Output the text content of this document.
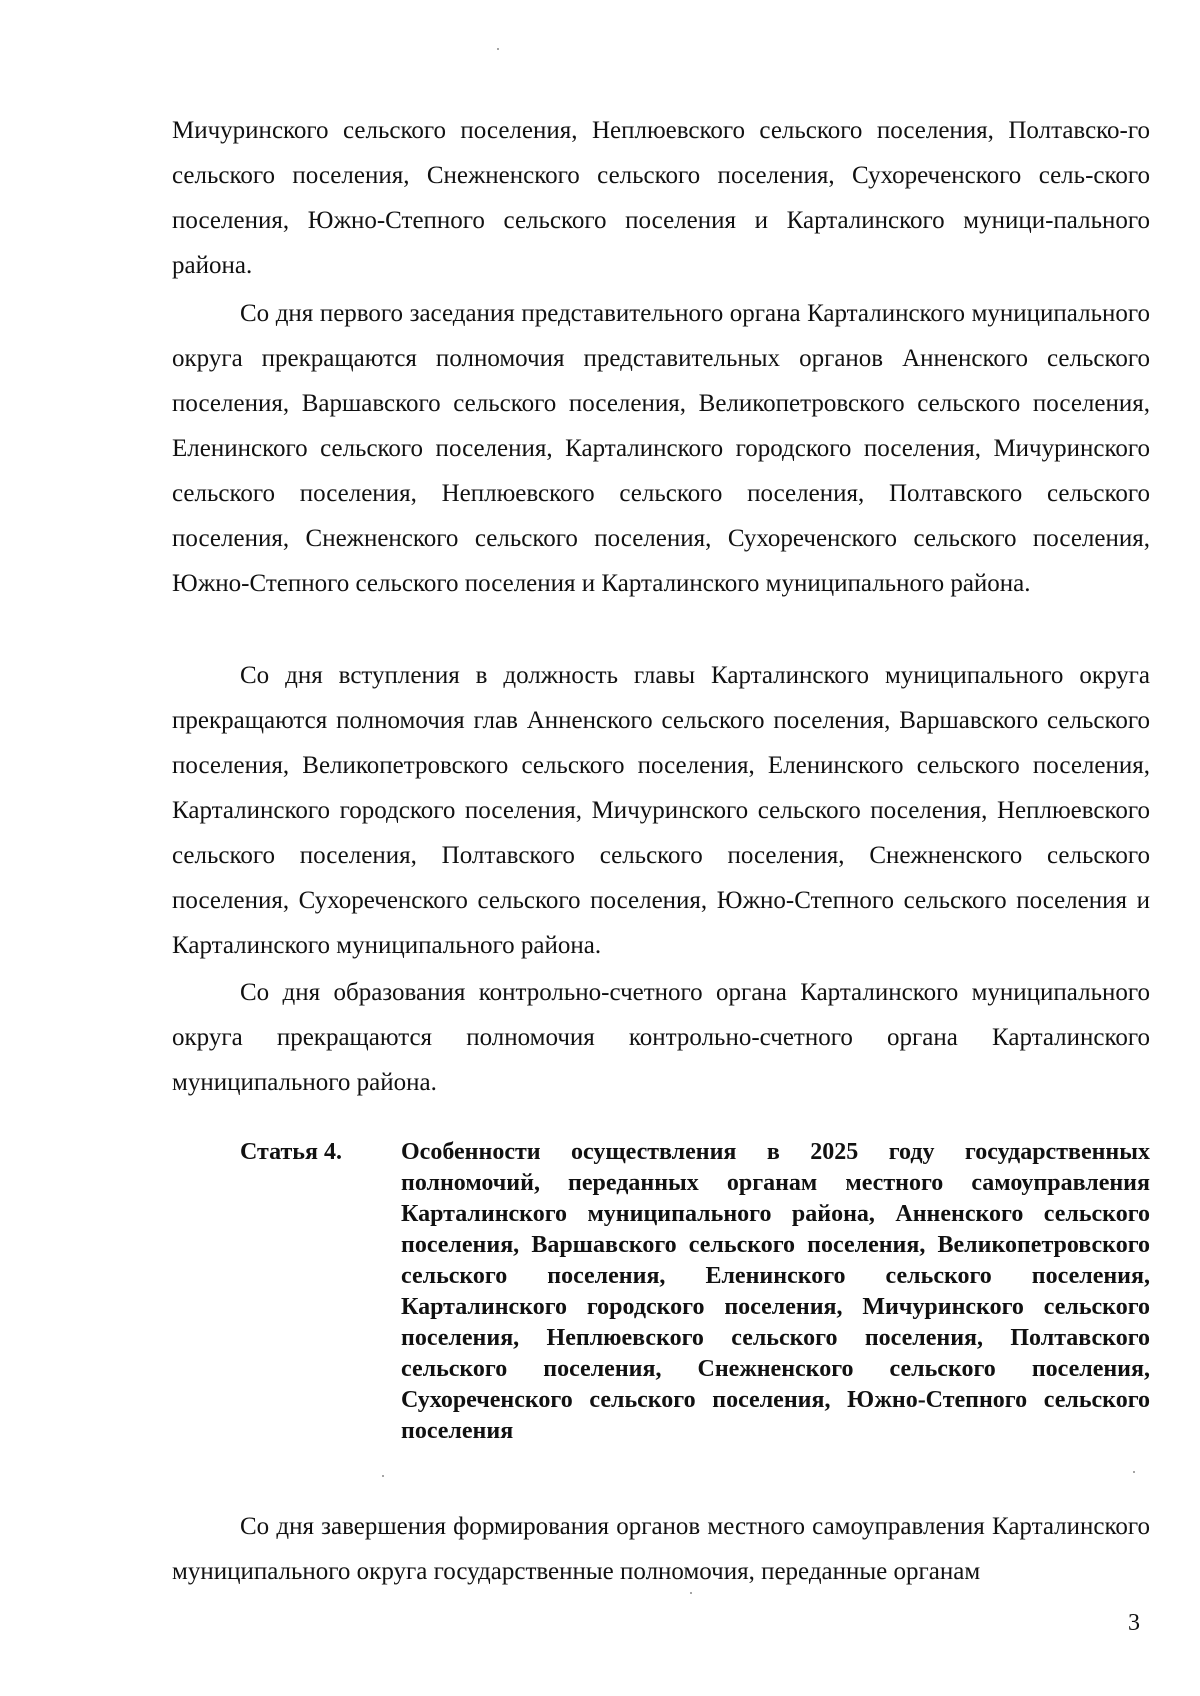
Мичуринского сельского поселения, Неплюевского сельского поселения, Полтавско-го сельского поселения, Снежненского сельского поселения, Сухореченского сель-ского поселения, Южно-Степного сельского поселения и Карталинского муници-пального района.

Со дня первого заседания представительного органа Карталинского муниципального округа прекращаются полномочия представительных органов Анненского сельского поселения, Варшавского сельского поселения, Великопетровского сельского поселения, Еленинского сельского поселения, Карталинского городского поселения, Мичуринского сельского поселения, Неплюевского сельского поселения, Полтавского сельского поселения, Снежненского сельского поселения, Сухореченского сельского поселения, Южно-Степного сельского поселения и Карталинского муниципального района.

Со дня вступления в должность главы Карталинского муниципального округа прекращаются полномочия глав Анненского сельского поселения, Варшавского сельского поселения, Великопетровского сельского поселения, Еленинского сельского поселения, Карталинского городского поселения, Мичуринского сельского поселения, Неплюевского сельского поселения, Полтавского сельского поселения, Снежненского сельского поселения, Сухореченского сельского поселения, Южно-Степного сельского поселения и Карталинского муниципального района.

Со дня образования контрольно-счетного органа Карталинского муниципального округа прекращаются полномочия контрольно-счетного органа Карталинского муниципального района.

Статья 4.	Особенности осуществления в 2025 году государственных полномочий, переданных органам местного самоуправления Карталинского муниципального района, Анненского сельского поселения, Варшавского сельского поселения, Великопетровского сельского поселения, Еленинского сельского поселения, Карталинского городского поселения, Мичуринского сельского поселения, Неплюевского сельского поселения, Полтавского сельского поселения, Снежненского сельского поселения, Сухореченского сельского поселения, Южно-Степного сельского поселения

Со дня завершения формирования органов местного самоуправления Карталинского муниципального округа государственные полномочия, переданные органам

3
